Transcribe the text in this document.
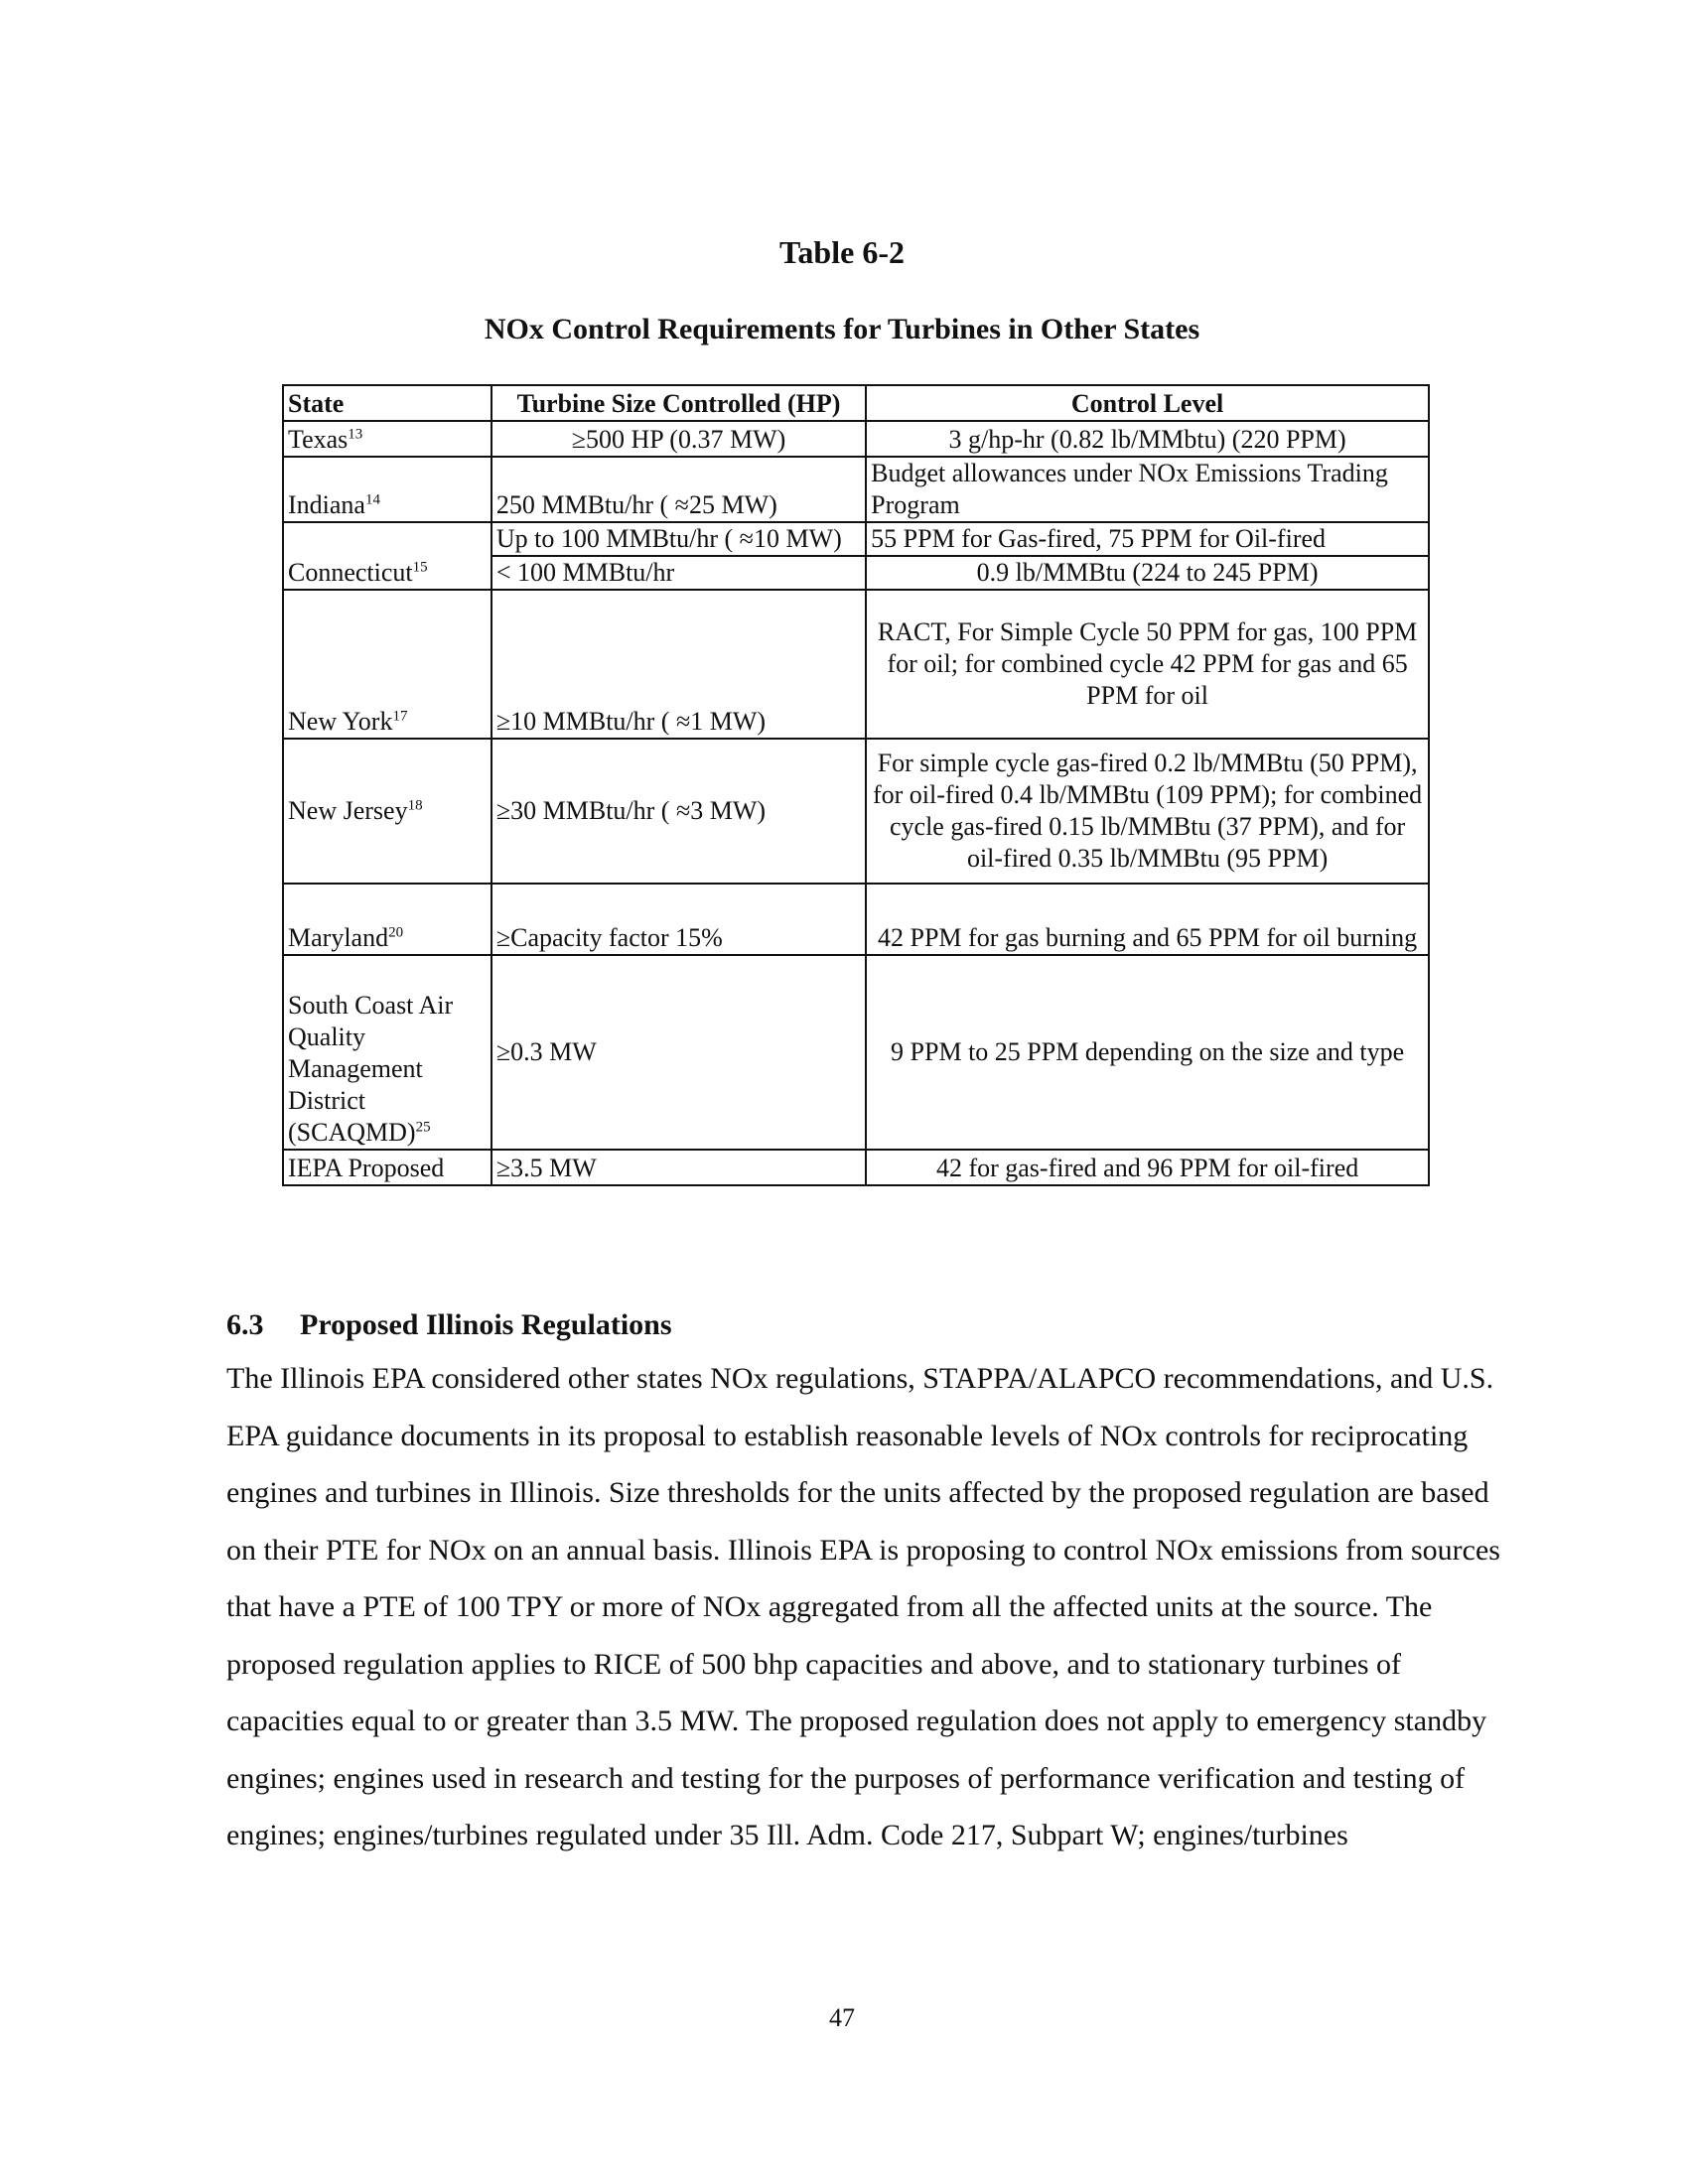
Table 6-2
NOx Control Requirements for Turbines in Other States
State	Turbine Size Controlled (HP)	Control Level
Texas$^{13}$	≥500 HP (0.37 MW)	3 g/hp-hr (0.82 lb/MMbtu) (220 PPM)
Indiana$^{14}$	250 MMBtu/hr ( ≈25 MW)	Budget allowances under NOx Emissions Trading Program
Connecticut$^{15}$	Up to 100 MMBtu/hr ( ≈10 MW)	55 PPM for Gas-fired, 75 PPM for Oil-fired
	< 100 MMBtu/hr	0.9 lb/MMBtu (224 to 245 PPM)
New York$^{17}$	≥10 MMBtu/hr ( ≈1 MW)	RACT, For Simple Cycle 50 PPM for gas, 100 PPM for oil; for combined cycle 42 PPM for gas and 65 PPM for oil
New Jersey$^{18}$	≥30 MMBtu/hr ( ≈3 MW)	For simple cycle gas-fired 0.2 lb/MMBtu (50 PPM), for oil-fired 0.4 lb/MMBtu (109 PPM); for combined cycle gas-fired 0.15 lb/MMBtu (37 PPM), and for oil-fired 0.35 lb/MMBtu (95 PPM)
Maryland$^{20}$	≥Capacity factor 15%	42 PPM for gas burning and 65 PPM for oil burning
South Coast Air Quality Management District (SCAQMD)$^{25}$	≥0.3 MW	9 PPM to 25 PPM depending on the size and type
IEPA Proposed	≥3.5 MW	42 for gas-fired and 96 PPM for oil-fired
6.3 Proposed Illinois Regulations
The Illinois EPA considered other states NOx regulations, STAPPA/ALAPCO recommendations, and U.S. EPA guidance documents in its proposal to establish reasonable levels of NOx controls for reciprocating engines and turbines in Illinois. Size thresholds for the units affected by the proposed regulation are based on their PTE for NOx on an annual basis. Illinois EPA is proposing to control NOx emissions from sources that have a PTE of 100 TPY or more of NOx aggregated from all the affected units at the source. The proposed regulation applies to RICE of 500 bhp capacities and above, and to stationary turbines of capacities equal to or greater than 3.5 MW. The proposed regulation does not apply to emergency standby engines; engines used in research and testing for the purposes of performance verification and testing of engines; engines/turbines regulated under 35 Ill. Adm. Code 217, Subpart W; engines/turbines
47
